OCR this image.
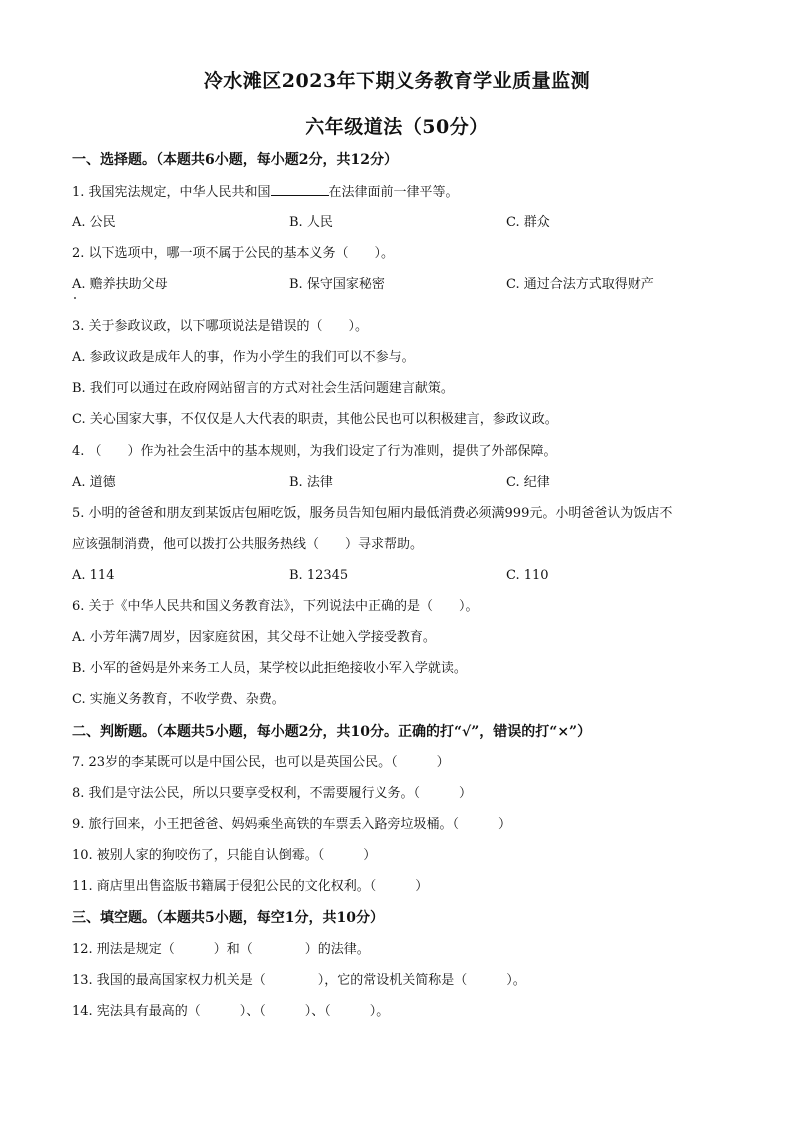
冷水滩区2023年下期义务教育学业质量监测
六年级道法（50分）
一、选择题。（本题共6小题，每小题2分，共12分）
1. 我国宪法规定，中华人民共和国	在法律面前一律平等。
A. 公民	B. 人民	C. 群众
2. 以下选项中，哪一项不属于公民的基本义务（　　）。
A. 赡养扶助父母	B. 保守国家秘密	C. 通过合法方式取得财产
3. 关于参政议政，以下哪项说法是错误的（　　）。
A. 参政议政是成年人的事，作为小学生的我们可以不参与。
B. 我们可以通过在政府网站留言的方式对社会生活问题建言献策。
C. 关心国家大事，不仅仅是人大代表的职责，其他公民也可以积极建言，参政议政。
4. （　　）作为社会生活中的基本规则，为我们设定了行为准则，提供了外部保障。
A. 道德	B. 法律	C. 纪律
5. 小明的爸爸和朋友到某饭店包厢吃饭，服务员告知包厢内最低消费必须满999元。小明爸爸认为饭店不
应该强制消费，他可以拨打公共服务热线（　　）寻求帮助。
A. 114	B. 12345	C. 110
6. 关于《中华人民共和国义务教育法》，下列说法中正确的是（　　）。
A. 小芳年满7周岁，因家庭贫困，其父母不让她入学接受教育。
B. 小军的爸妈是外来务工人员，某学校以此拒绝接收小军入学就读。
C. 实施义务教育，不收学费、杂费。
二、判断题。（本题共5小题，每小题2分，共10分。正确的打“√”，错误的打“×”）
7. 23岁的李某既可以是中国公民，也可以是英国公民。（　　　）
8. 我们是守法公民，所以只要享受权利，不需要履行义务。（　　　）
9. 旅行回来，小王把爸爸、妈妈乘坐高铁的车票丢入路旁垃圾桶。（　　　）
10. 被别人家的狗咬伤了，只能自认倒霉。（　　　）
11. 商店里出售盗版书籍属于侵犯公民的文化权利。（　　　）
三、填空题。（本题共5小题，每空1分，共10分）
12. 刑法是规定（　　　）和（　　　　）的法律。
13. 我国的最高国家权力机关是（　　　　），它的常设机关简称是（　　　）。
14. 宪法具有最高的（　　　）、（　　　）、（　　　）。
